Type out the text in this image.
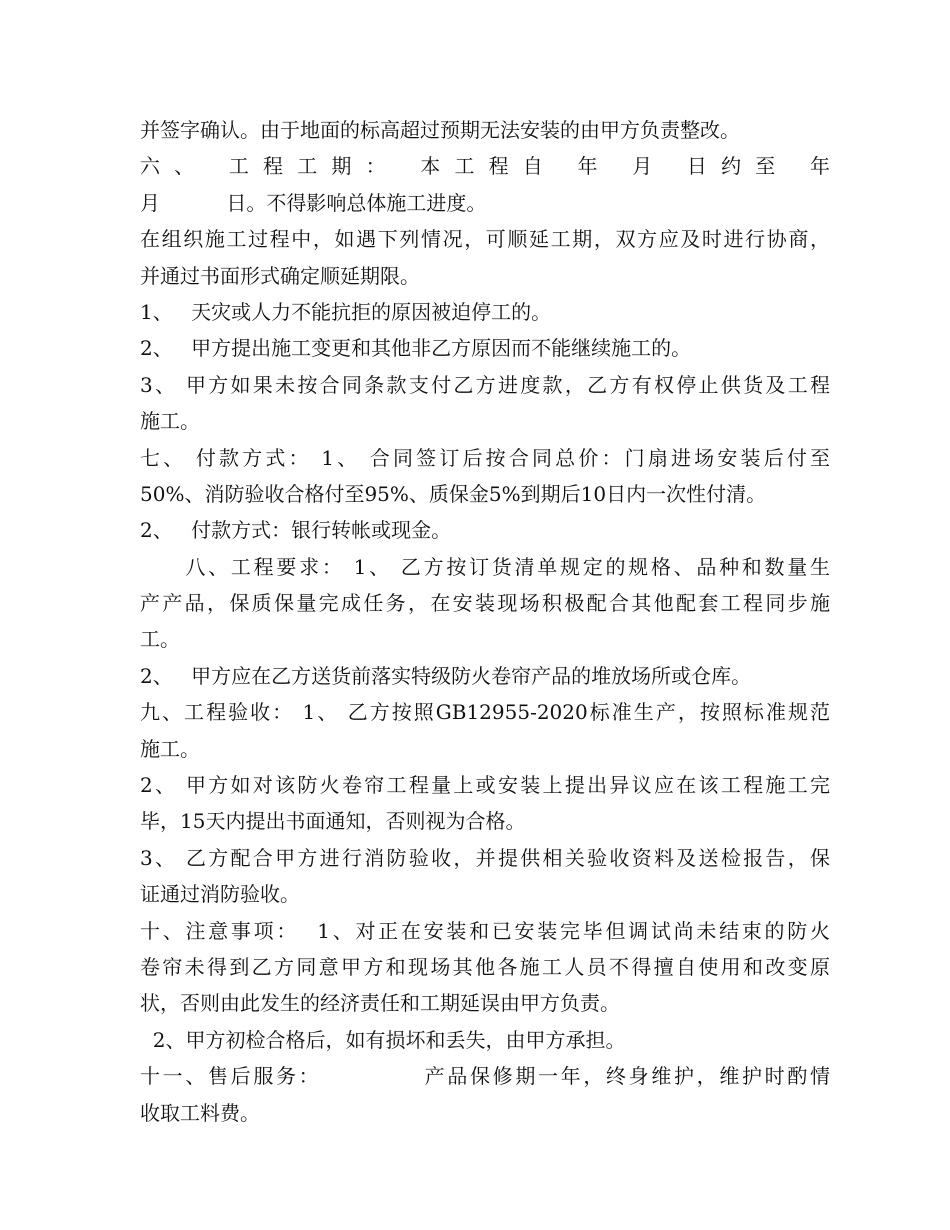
并签字确认。由于地面的标高超过预期无法安装的由甲方负责整改。
六、 工程工期： 本工程自 年 月 日约至 年
月 日。不得影响总体施工进度。
在组织施工过程中，如遇下列情况，可顺延工期，双方应及时进行协商，
并通过书面形式确定顺延期限。
1、 天灾或人力不能抗拒的原因被迫停工的。
2、 甲方提出施工变更和其他非乙方原因而不能继续施工的。
3、 甲方如果未按合同条款支付乙方进度款，乙方有权停止供货及工程
施工。
七、 付款方式： 1、 合同签订后按合同总价：门扇进场安装后付至
50%、消防验收合格付至95%、质保金5%到期后10日内一次性付清。
2、 付款方式：银行转帐或现金。
　　八、工程要求： 1、 乙方按订货清单规定的规格、品种和数量生
产产品，保质保量完成任务，在安装现场积极配合其他配套工程同步施
工。
2、 甲方应在乙方送货前落实特级防火卷帘产品的堆放场所或仓库。
九、工程验收： 1、 乙方按照GB12955-2020标准生产，按照标准规范
施工。
2、 甲方如对该防火卷帘工程量上或安装上提出异议应在该工程施工完
毕，15天内提出书面通知，否则视为合格。
3、 乙方配合甲方进行消防验收，并提供相关验收资料及送检报告，保
证通过消防验收。
十、注意事项：  1、对正在安装和已安装完毕但调试尚未结束的防火
卷帘未得到乙方同意甲方和现场其他各施工人员不得擅自使用和改变原
状，否则由此发生的经济责任和工期延误由甲方负责。
2、甲方初检合格后，如有损坏和丢失，由甲方承担。
十一、售后服务：　　　　　产品保修期一年，终身维护，维护时酌情
收取工料费。
